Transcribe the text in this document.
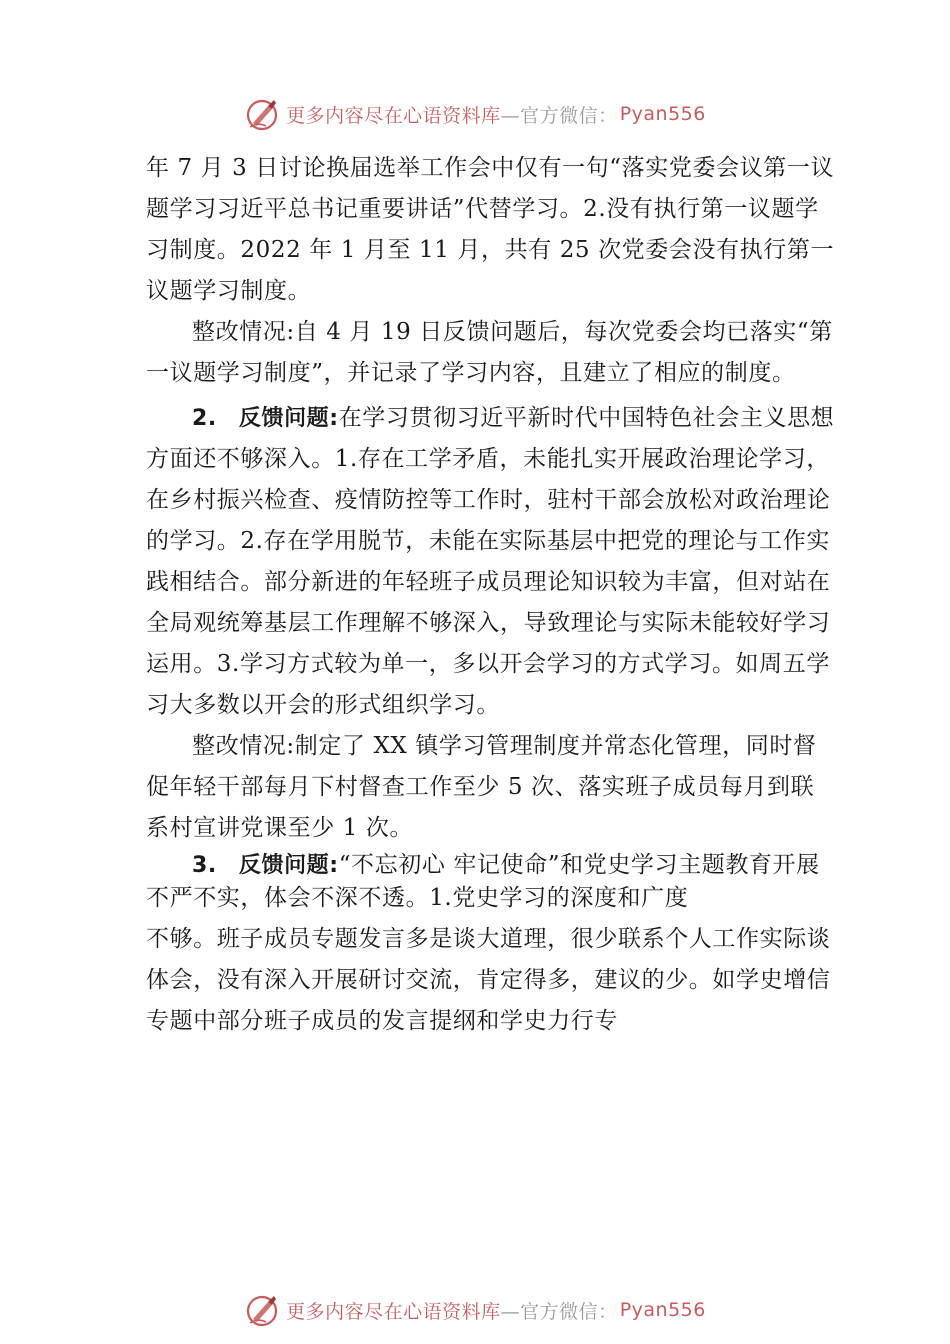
更多内容尽在心语资料库 —官方微信： Pyan556

年 7 月 3 日讨论换届选举工作会中仅有一句“落实党委会议第一议题学习习近平总书记重要讲话”代替学习。2.没有执行第一议题学习制度。2022 年 1 月至 11 月，共有 25 次党委会没有执行第一议题学习制度。

整改情况:自 4 月 19 日反馈问题后，每次党委会均已落实“第一议题学习制度”，并记录了学习内容，且建立了相应的制度。

2. 反馈问题:在学习贯彻习近平新时代中国特色社会主义思想方面还不够深入。1.存在工学矛盾，未能扎实开展政治理论学习，在乡村振兴检查、疫情防控等工作时，驻村干部会放松对政治理论的学习。2.存在学用脱节，未能在实际基层中把党的理论与工作实践相结合。部分新进的年轻班子成员理论知识较为丰富，但对站在全局观统筹基层工作理解不够深入，导致理论与实际未能较好学习运用。3.学习方式较为单一，多以开会学习的方式学习。如周五学习大多数以开会的形式组织学习。

整改情况:制定了 XX 镇学习管理制度并常态化管理，同时督促年轻干部每月下村督查工作至少 5 次、落实班子成员每月到联系村宣讲党课至少 1 次。

3. 反馈问题:“不忘初心 牢记使命”和党史学习主题教育开展不严不实，体会不深不透。1.党史学习的深度和广度

不够。班子成员专题发言多是谈大道理，很少联系个人工作实际谈体会，没有深入开展研讨交流，肯定得多，建议的少。如学史增信专题中部分班子成员的发言提纲和学史力行专

更多内容尽在心语资料库 —官方微信： Pyan556
